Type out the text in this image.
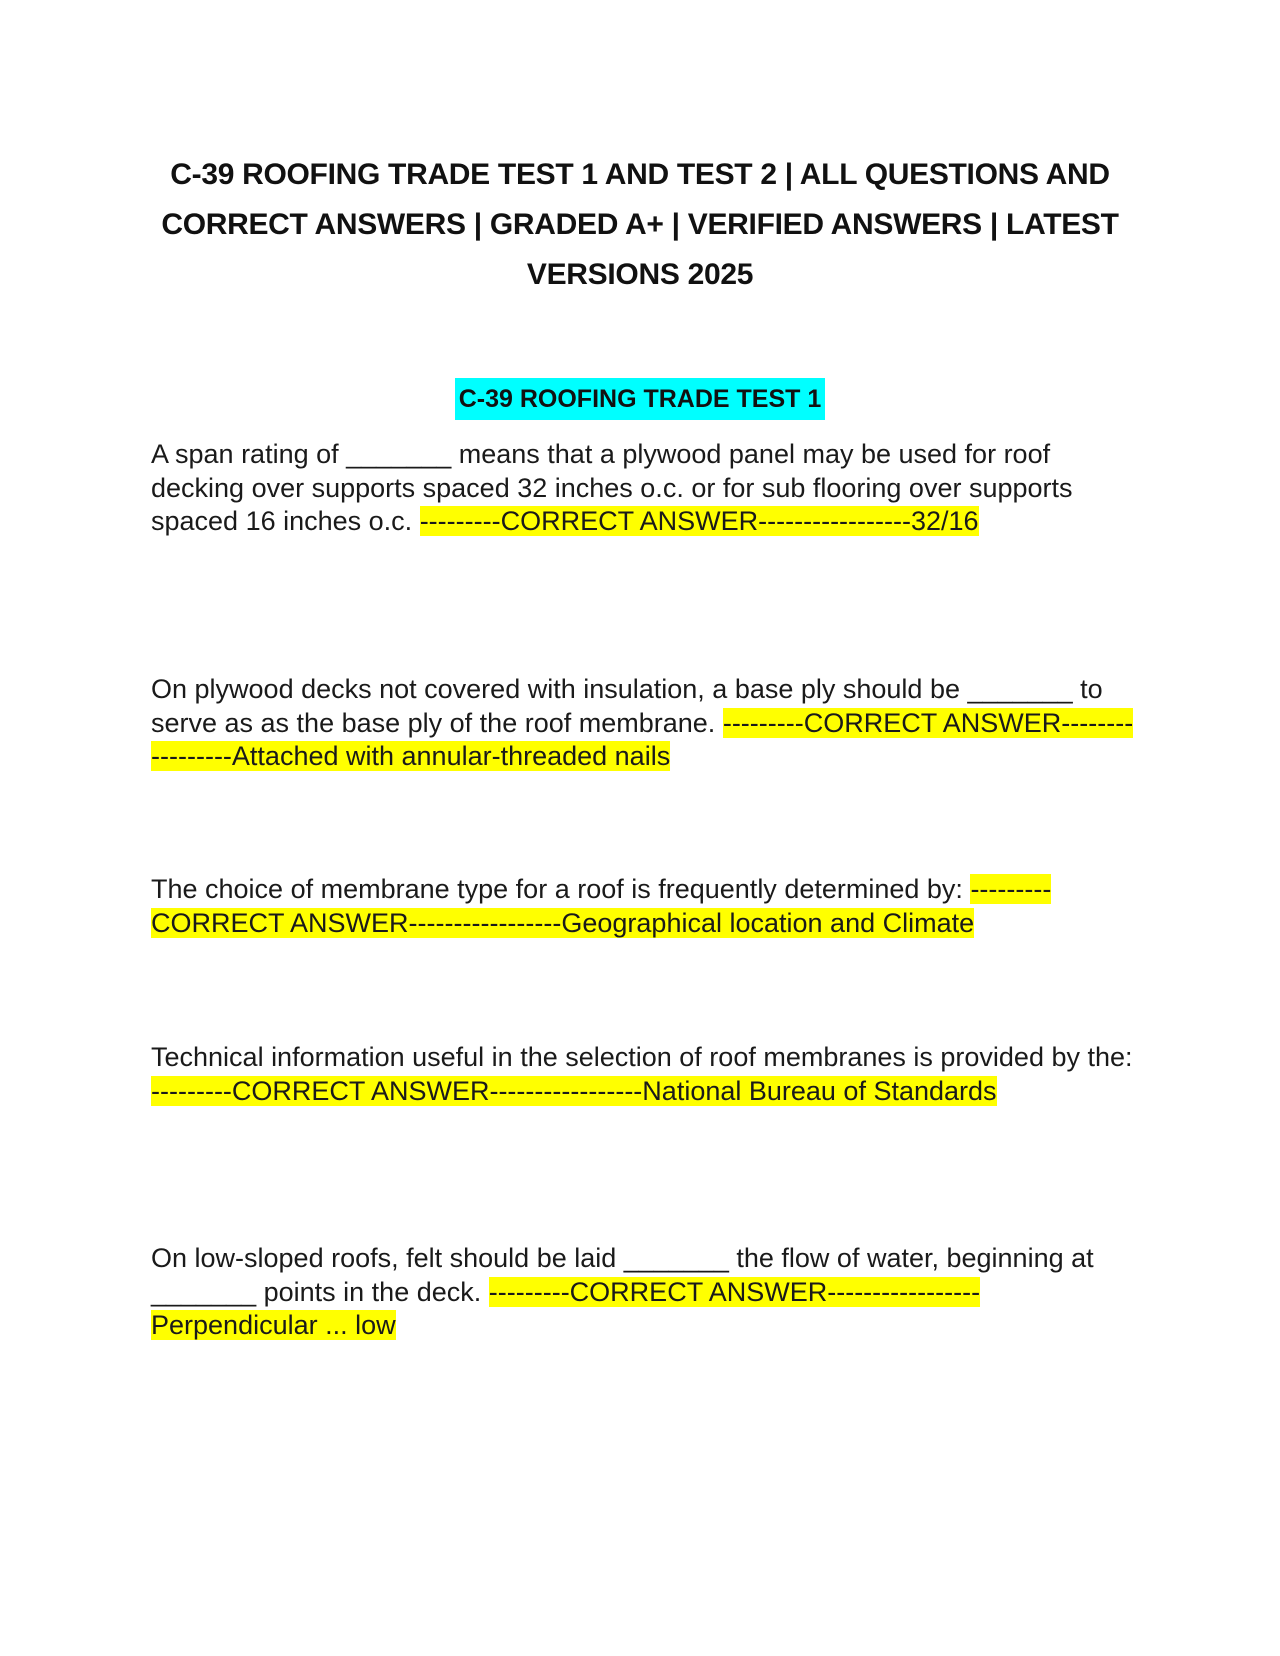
C-39 ROOFING TRADE TEST 1 AND TEST 2 | ALL QUESTIONS AND CORRECT ANSWERS | GRADED A+ | VERIFIED ANSWERS | LATEST VERSIONS 2025
C-39 ROOFING TRADE TEST 1

A span rating of _______ means that a plywood panel may be used for roof decking over supports spaced 32 inches o.c. or for sub flooring over supports spaced 16 inches o.c. ---------CORRECT ANSWER-----------------32/16

On plywood decks not covered with insulation, a base ply should be _______ to serve as as the base ply of the roof membrane. ---------CORRECT ANSWER-----------------Attached with annular-threaded nails

The choice of membrane type for a roof is frequently determined by: ---------CORRECT ANSWER-----------------Geographical location and Climate

Technical information useful in the selection of roof membranes is provided by the: ---------CORRECT ANSWER-----------------National Bureau of Standards

On low-sloped roofs, felt should be laid _______ the flow of water, beginning at _______ points in the deck. ---------CORRECT ANSWER-----------------Perpendicular ... low
